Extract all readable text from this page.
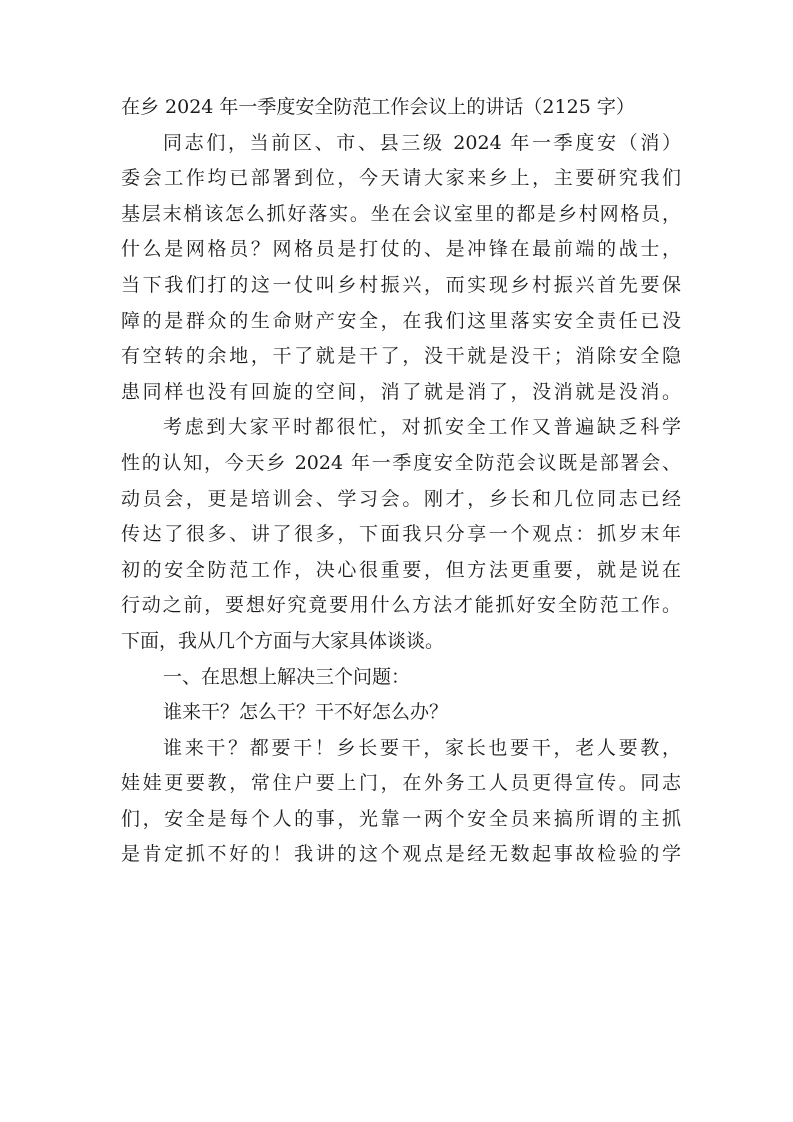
在乡 2024 年一季度安全防范工作会议上的讲话（2125 字）
同志们，当前区、市、县三级 2024 年一季度安（消）
委会工作均已部署到位，今天请大家来乡上，主要研究我们
基层末梢该怎么抓好落实。坐在会议室里的都是乡村网格员，
什么是网格员？网格员是打仗的、是冲锋在最前端的战士，
当下我们打的这一仗叫乡村振兴，而实现乡村振兴首先要保
障的是群众的生命财产安全，在我们这里落实安全责任已没
有空转的余地，干了就是干了，没干就是没干；消除安全隐
患同样也没有回旋的空间，消了就是消了，没消就是没消。
考虑到大家平时都很忙，对抓安全工作又普遍缺乏科学
性的认知，今天乡 2024 年一季度安全防范会议既是部署会、
动员会，更是培训会、学习会。刚才，乡长和几位同志已经
传达了很多、讲了很多，下面我只分享一个观点：抓岁末年
初的安全防范工作，决心很重要，但方法更重要，就是说在
行动之前，要想好究竟要用什么方法才能抓好安全防范工作。
下面，我从几个方面与大家具体谈谈。
一、在思想上解决三个问题：
谁来干？怎么干？干不好怎么办？
谁来干？都要干！乡长要干，家长也要干，老人要教，
娃娃更要教，常住户要上门，在外务工人员更得宣传。同志
们，安全是每个人的事，光靠一两个安全员来搞所谓的主抓
是肯定抓不好的！我讲的这个观点是经无数起事故检验的学
